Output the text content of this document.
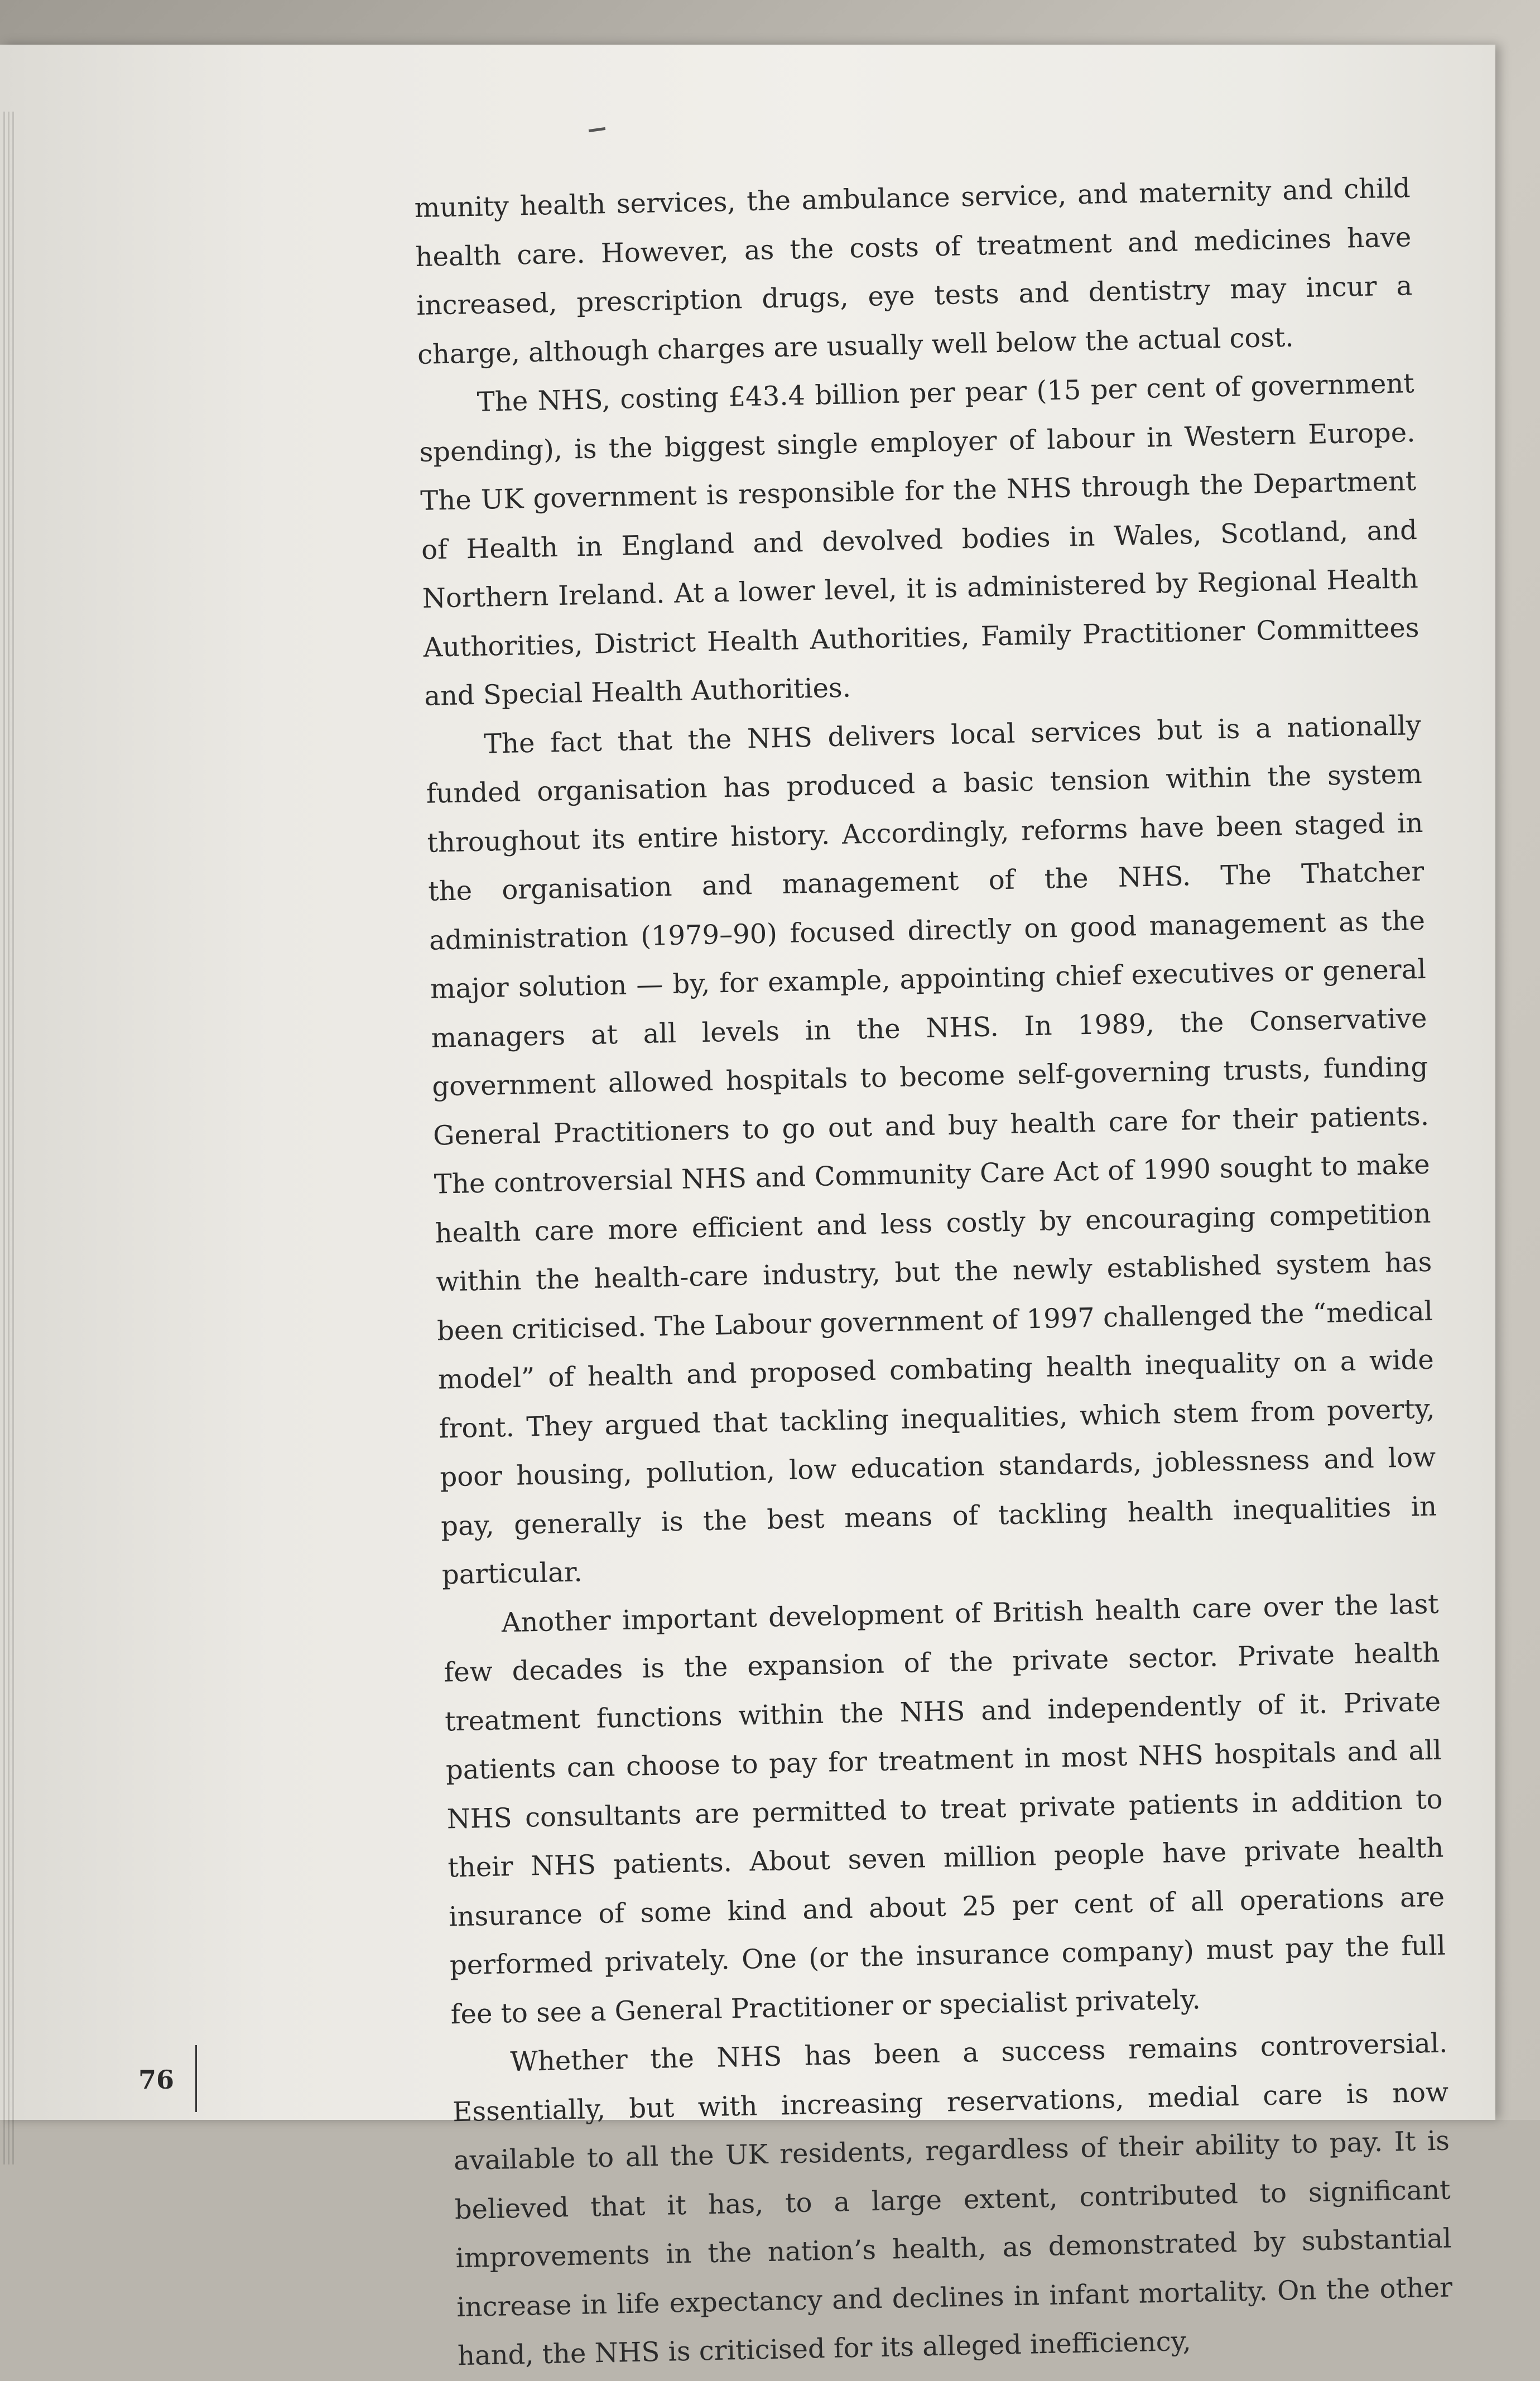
munity health services, the ambulance service, and maternity and child health care. However, as the costs of treatment and medicines have increased, prescription drugs, eye tests and dentistry may incur a charge, although charges are usually well below the actual cost.

The NHS, costing £43.4 billion per pear (15 per cent of government spending), is the biggest single employer of labour in Western Europe. The UK government is responsible for the NHS through the Department of Health in England and devolved bodies in Wales, Scotland, and Northern Ireland. At a lower level, it is administered by Regional Health Authorities, District Health Authorities, Family Practitioner Committees and Special Health Authorities.

The fact that the NHS delivers local services but is a nationally funded organisation has produced a basic tension within the system throughout its entire history. Accordingly, reforms have been staged in the organisation and management of the NHS. The Thatcher administration (1979–90) focused directly on good management as the major solution — by, for example, appointing chief executives or general managers at all levels in the NHS. In 1989, the Conservative government allowed hospitals to become self-governing trusts, funding General Practitioners to go out and buy health care for their patients. The controversial NHS and Community Care Act of 1990 sought to make health care more efficient and less costly by encouraging competition within the health-care industry, but the newly established system has been criticised. The Labour government of 1997 challenged the “medical model” of health and proposed combating health inequality on a wide front. They argued that tackling inequalities, which stem from poverty, poor housing, pollution, low education standards, joblessness and low pay, generally is the best means of tackling health inequalities in particular.

Another important development of British health care over the last few decades is the expansion of the private sector. Private health treatment functions within the NHS and independently of it. Private patients can choose to pay for treatment in most NHS hospitals and all NHS consultants are permitted to treat private patients in addition to their NHS patients. About seven million people have private health insurance of some kind and about 25 per cent of all operations are performed privately. One (or the insurance company) must pay the full fee to see a General Practitioner or specialist privately.

Whether the NHS has been a success remains controversial. Essentially, but with increasing reservations, medial care is now available to all the UK residents, regardless of their ability to pay. It is believed that it has, to a large extent, contributed to significant improvements in the nation’s health, as demonstrated by substantial increase in life expectancy and declines in infant mortality. On the other hand, the NHS is criticised for its alleged inefficiency,

76
